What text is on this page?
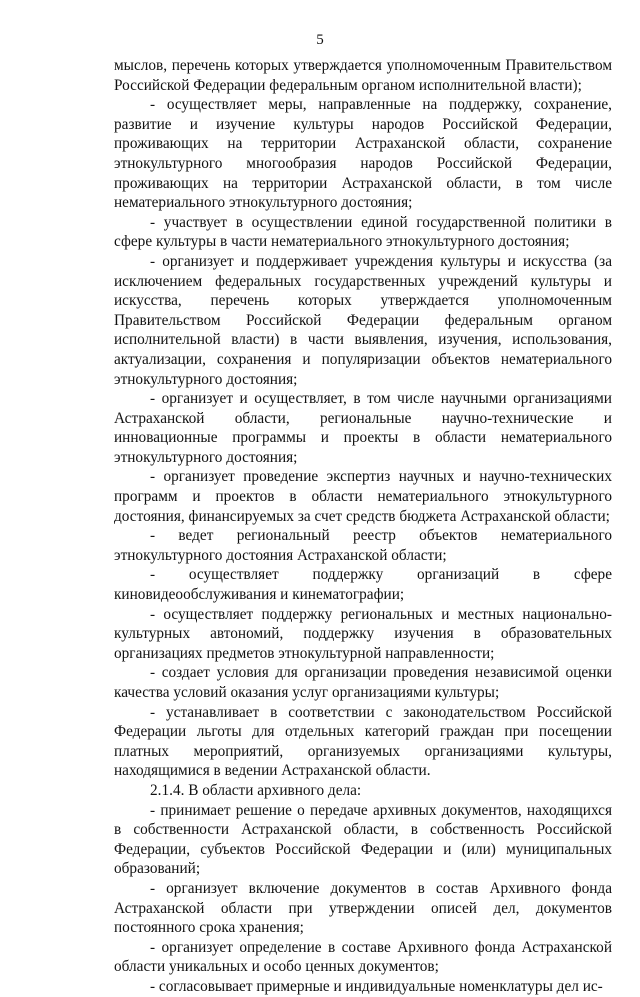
5

мыслов, перечень которых утверждается уполномоченным Правительством Российской Федерации федеральным органом исполнительной власти);

- осуществляет меры, направленные на поддержку, сохранение, развитие и изучение культуры народов Российской Федерации, проживающих на территории Астраханской области, сохранение этнокультурного многообразия народов Российской Федерации, проживающих на территории Астраханской области, в том числе нематериального этнокультурного достояния;

- участвует в осуществлении единой государственной политики в сфере культуры в части нематериального этнокультурного достояния;

- организует и поддерживает учреждения культуры и искусства (за исключением федеральных государственных учреждений культуры и искусства, перечень которых утверждается уполномоченным Правительством Российской Федерации федеральным органом исполнительной власти) в части выявления, изучения, использования, актуализации, сохранения и популяризации объектов нематериального этнокультурного достояния;

- организует и осуществляет, в том числе научными организациями Астраханской области, региональные научно-технические и инновационные программы и проекты в области нематериального этнокультурного достояния;

- организует проведение экспертиз научных и научно-технических программ и проектов в области нематериального этнокультурного достояния, финансируемых за счет средств бюджета Астраханской области;

- ведет региональный реестр объектов нематериального этнокультурного достояния Астраханской области;

- осуществляет поддержку организаций в сфере киновидеообслуживания и кинематографии;

- осуществляет поддержку региональных и местных национально-культурных автономий, поддержку изучения в образовательных организациях предметов этнокультурной направленности;

- создает условия для организации проведения независимой оценки качества условий оказания услуг организациями культуры;

- устанавливает в соответствии с законодательством Российской Федерации льготы для отдельных категорий граждан при посещении платных мероприятий, организуемых организациями культуры, находящимися в ведении Астраханской области.

2.1.4. В области архивного дела:

- принимает решение о передаче архивных документов, находящихся в собственности Астраханской области, в собственность Российской Федерации, субъектов Российской Федерации и (или) муниципальных образований;

- организует включение документов в состав Архивного фонда Астраханской области при утверждении описей дел, документов постоянного срока хранения;

- организует определение в составе Архивного фонда Астраханской области уникальных и особо ценных документов;

- согласовывает примерные и индивидуальные номенклатуры дел ис-
